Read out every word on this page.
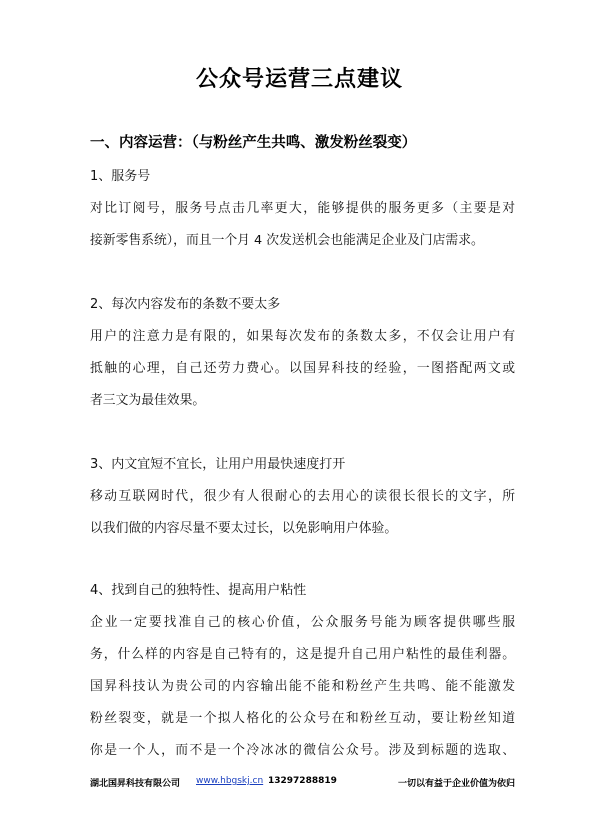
公众号运营三点建议
一、内容运营：（与粉丝产生共鸣、激发粉丝裂变）
1、服务号
对比订阅号，服务号点击几率更大，能够提供的服务更多（主要是对
接新零售系统），而且一个月 4 次发送机会也能满足企业及门店需求。
2、每次内容发布的条数不要太多
用户的注意力是有限的，如果每次发布的条数太多，不仅会让用户有
抵触的心理，自己还劳力费心。以国昇科技的经验，一图搭配两文或
者三文为最佳效果。
3、内文宜短不宜长，让用户用最快速度打开
移动互联网时代，很少有人很耐心的去用心的读很长很长的文字，所
以我们做的内容尽量不要太过长，以免影响用户体验。
4、找到自己的独特性、提高用户粘性
企业一定要找准自己的核心价值，公众服务号能为顾客提供哪些服
务，什么样的内容是自己特有的，这是提升自己用户粘性的最佳利器。
国昇科技认为贵公司的内容输出能不能和粉丝产生共鸣、能不能激发
粉丝裂变，就是一个拟人格化的公众号在和粉丝互动，要让粉丝知道
你是一个人，而不是一个冷冰冰的微信公众号。涉及到标题的选取、
湖北国昇科技有限公司 www.hbgskj.cn 13297288819	一切以有益于企业价值为依归
